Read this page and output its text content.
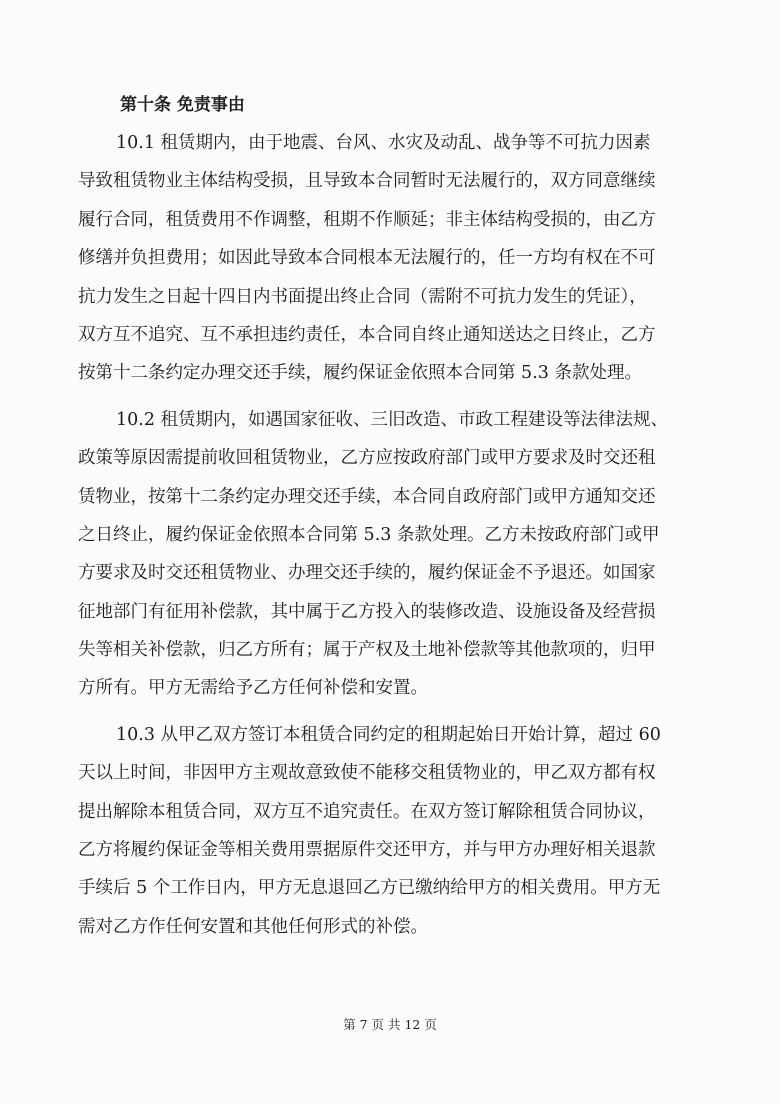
第十条 免责事由

10.1 租赁期内，由于地震、台风、水灾及动乱、战争等不可抗力因素

导致租赁物业主体结构受损，且导致本合同暂时无法履行的，双方同意继续

履行合同，租赁费用不作调整，租期不作顺延；非主体结构受损的，由乙方

修缮并负担费用；如因此导致本合同根本无法履行的，任一方均有权在不可

抗力发生之日起十四日内书面提出终止合同（需附不可抗力发生的凭证），

双方互不追究、互不承担违约责任，本合同自终止通知送达之日终止，乙方

按第十二条约定办理交还手续，履约保证金依照本合同第 5.3 条款处理。

10.2 租赁期内，如遇国家征收、三旧改造、市政工程建设等法律法规、

政策等原因需提前收回租赁物业，乙方应按政府部门或甲方要求及时交还租

赁物业，按第十二条约定办理交还手续，本合同自政府部门或甲方通知交还

之日终止，履约保证金依照本合同第 5.3 条款处理。乙方未按政府部门或甲

方要求及时交还租赁物业、办理交还手续的，履约保证金不予退还。如国家

征地部门有征用补偿款，其中属于乙方投入的装修改造、设施设备及经营损

失等相关补偿款，归乙方所有；属于产权及土地补偿款等其他款项的，归甲

方所有。甲方无需给予乙方任何补偿和安置。

10.3 从甲乙双方签订本租赁合同约定的租期起始日开始计算，超过 60

天以上时间，非因甲方主观故意致使不能移交租赁物业的，甲乙双方都有权

提出解除本租赁合同，双方互不追究责任。在双方签订解除租赁合同协议，

乙方将履约保证金等相关费用票据原件交还甲方，并与甲方办理好相关退款

手续后 5 个工作日内，甲方无息退回乙方已缴纳给甲方的相关费用。甲方无

需对乙方作任何安置和其他任何形式的补偿。

第 7 页 共 12 页
